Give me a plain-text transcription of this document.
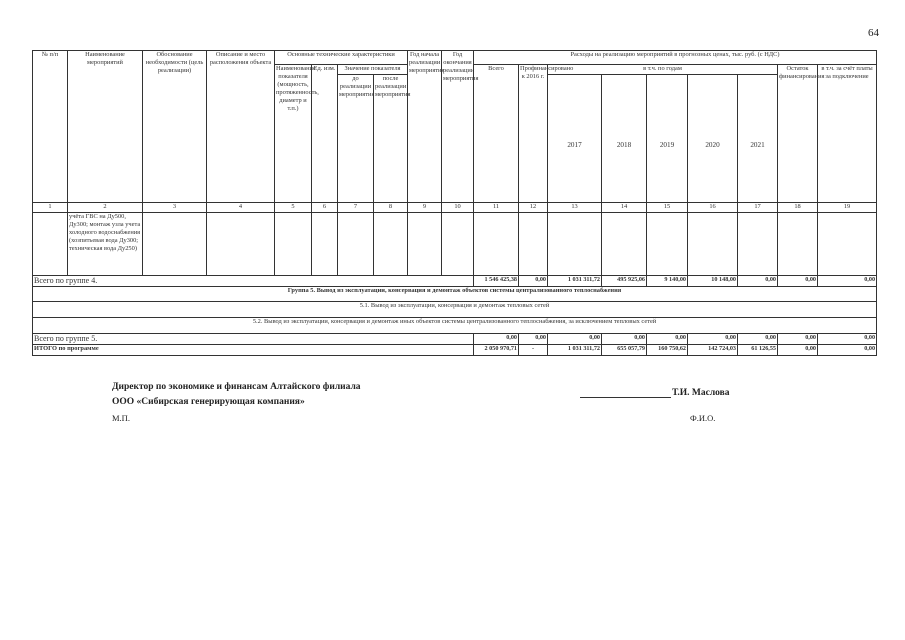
64
№ п/п	Наименование мероприятий	Обоснование необходимости (цель реализации)	Описание и место расположения объекта	Основные технические характеристики				Год начала реализации мероприятия	Год окончания реализации мероприятия	Расходы на реализацию мероприятий в прогнозных ценах, тыс. руб. (с НДС)								
				Наименование показателя (мощность, протяженность, диаметр и т.п.)	Ед. изм.	Значение показателя				Всего	Профинансировано к 2016 г.	в т.ч. по годам					Остаток финансирования	в т.ч. за счёт платы за подключение
						до реализации мероприятия	после реализации мероприятия					2017	2018	2019	2020	2021		
1	2	3	4	5	6	7	8	9	10	11	12	13	14	15	16	17	18	19
	учёта ГВС на Ду500, Ду300; монтаж узла учета холодного водоснабжения (хозпитьевая вода Ду300; техническая вода Ду250)																	
Всего по группе 4.										1 546 425,38	0,00	1 031 311,72	495 925,06	9 140,00	10 148,00	0,00	0,00	0,00
Группа 5. Вывод из эксплуатации, консервация и демонтаж объектов системы централизованного теплоснабжения																		
5.1. Вывод из эксплуатации, консервация и демонтаж тепловых сетей																		
5.2. Вывод из эксплуатации, консервация и демонтаж иных объектов системы централизованного теплоснабжения, за исключением тепловых сетей																		
Всего по группе 5.										0,00	0,00	0,00	0,00	0,00	0,00	0,00	0,00	0,00
ИТОГО по программе										2 050 970,71	-	1 031 311,72	655 057,79	160 750,62	142 724,03	61 126,55	0,00	0,00
Директор по экономике и финансам Алтайского филиала
ООО «Сибирская генерирующая компания»
Т.И. Маслова
М.П.	Ф.И.О.
